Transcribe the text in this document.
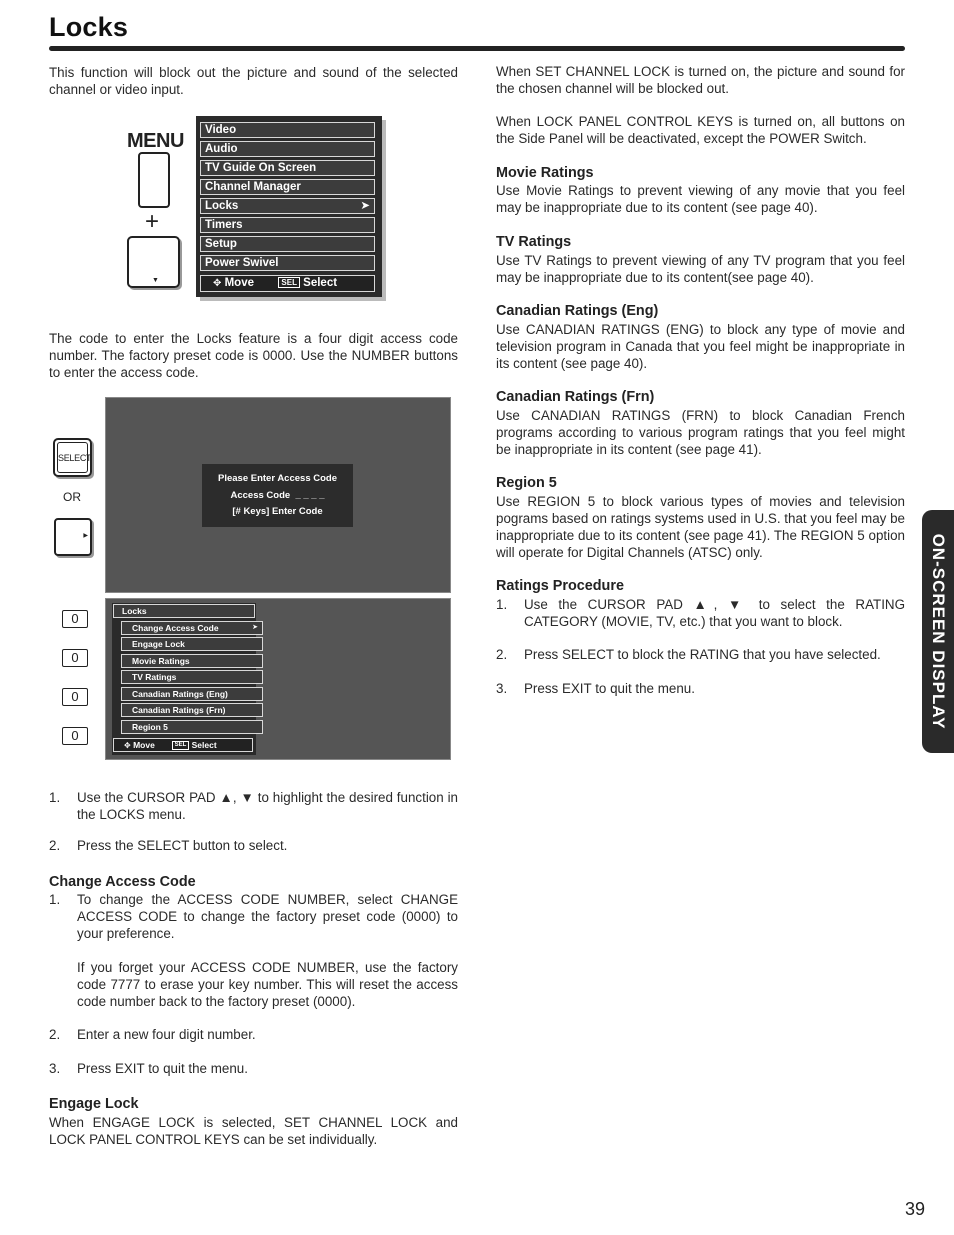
Locks
This function will block out the picture and sound of the selected channel or video input.
MENU
+
▼
Video
Audio
TV Guide On Screen
Channel Manager
Locks	➤
Timers
Setup
Power Swivel
✥ Move	SEL Select
The code to enter the Locks feature is a four digit access code number. The factory preset code is 0000. Use the NUMBER buttons to enter the access code.
SELECT
OR
▶
Please Enter Access Code
Access Code  _ _ _ _
[# Keys] Enter Code
0
0
0
0
Locks
Change Access Code	➤
Engage Lock
Movie Ratings
TV Ratings
Canadian Ratings (Eng)
Canadian Ratings (Frn)
Region 5
✥ Move	SEL Select
1. Use the CURSOR PAD ▲, ▼ to highlight the desired function in the LOCKS menu.
2. Press the SELECT button to select.
Change Access Code
1. To change the ACCESS CODE NUMBER, select CHANGE ACCESS CODE to change the factory preset code (0000) to your preference.
If you forget your ACCESS CODE NUMBER, use the factory code 7777 to erase your key number. This will reset the access code number back to the factory preset (0000).
2. Enter a new four digit number.
3. Press EXIT to quit the menu.
Engage Lock
When ENGAGE LOCK is selected, SET CHANNEL LOCK and LOCK PANEL CONTROL KEYS can be set individually.
When SET CHANNEL LOCK is turned on, the picture and sound for the chosen channel will be blocked out.
When LOCK PANEL CONTROL KEYS is turned on, all buttons on the Side Panel will be deactivated, except the POWER Switch.
Movie Ratings
Use Movie Ratings to prevent viewing of any movie that you feel may be inappropriate due to its content (see page 40).
TV Ratings
Use TV Ratings to prevent viewing of any TV program that you feel may be inappropriate due to its content(see page 40).
Canadian Ratings (Eng)
Use CANADIAN RATINGS (ENG) to block any type of movie and television program in Canada that you feel might be inappropriate in its content (see page 40).
Canadian Ratings (Frn)
Use CANADIAN RATINGS (FRN) to block Canadian French programs according to various program ratings that you feel might be inappropriate in its content (see page 41).
Region 5
Use REGION 5 to block various types of movies and television pograms based on ratings systems used in U.S. that you feel may be inappropriate due to its content (see page 41). The REGION 5 option will operate for Digital Channels (ATSC) only.
Ratings Procedure
1. Use the CURSOR PAD ▲, ▼ to select the RATING CATEGORY (MOVIE, TV, etc.) that you want to block.
2. Press SELECT to block the RATING that you have selected.
3. Press EXIT to quit the menu.	ON-SCREEN DISPLAY
39
